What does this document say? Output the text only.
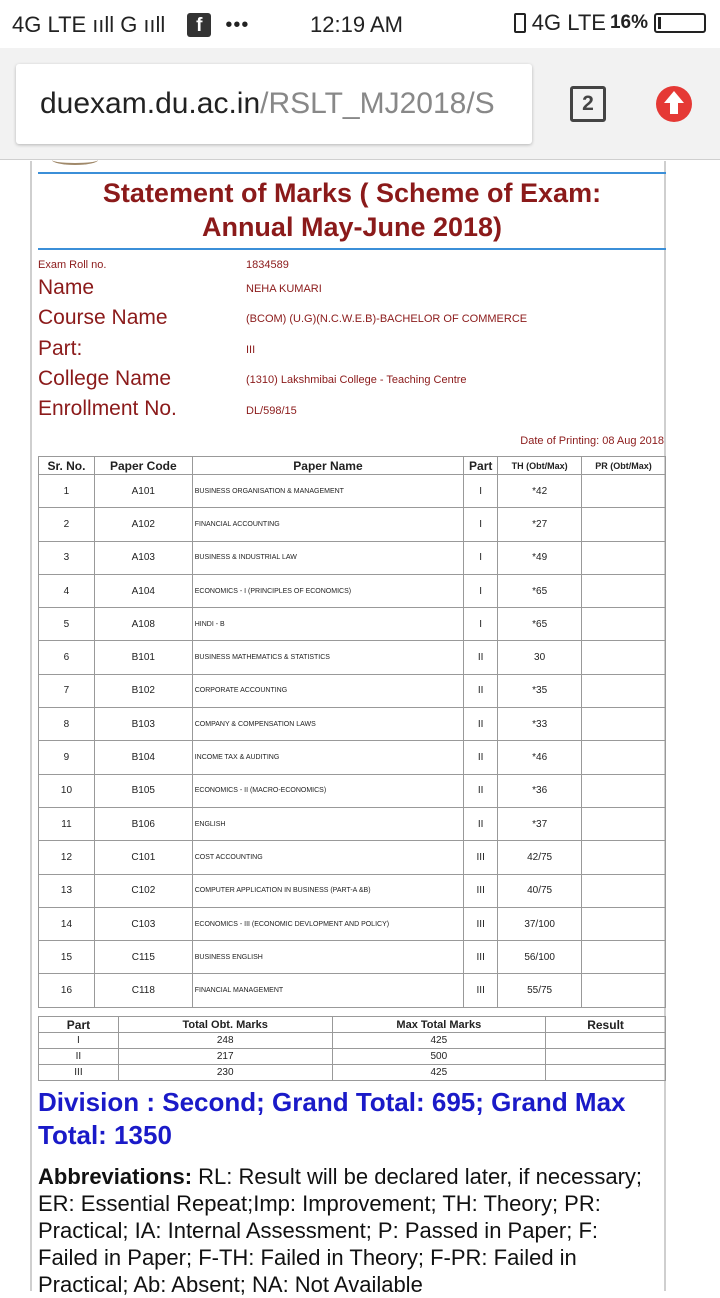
4G LTE ııll G ııll	f	•••	12:19 AM	4G LTE 16%
duexam.du.ac.in/RSLT_MJ2018/S	2
Statement of Marks ( Scheme of Exam:
Annual May-June 2018)
Exam Roll no.	1834589
Name	NEHA KUMARI
Course Name	(BCOM) (U.G)(N.C.W.E.B)-BACHELOR OF COMMERCE
Part:	III
College Name	(1310) Lakshmibai College - Teaching Centre
Enrollment No.	DL/598/15
Date of Printing: 08 Aug 2018
Sr. No.	Paper Code	Paper Name	Part	TH (Obt/Max)	PR (Obt/Max)
1	A101	BUSINESS ORGANISATION & MANAGEMENT	I	*42	
2	A102	FINANCIAL ACCOUNTING	I	*27	
3	A103	BUSINESS & INDUSTRIAL LAW	I	*49	
4	A104	ECONOMICS - I (PRINCIPLES OF ECONOMICS)	I	*65	
5	A108	HINDI - B	I	*65	
6	B101	BUSINESS MATHEMATICS & STATISTICS	II	30	
7	B102	CORPORATE ACCOUNTING	II	*35	
8	B103	COMPANY & COMPENSATION LAWS	II	*33	
9	B104	INCOME TAX & AUDITING	II	*46	
10	B105	ECONOMICS - II (MACRO-ECONOMICS)	II	*36	
11	B106	ENGLISH	II	*37	
12	C101	COST ACCOUNTING	III	42/75	
13	C102	COMPUTER APPLICATION IN BUSINESS (PART-A &B)	III	40/75	
14	C103	ECONOMICS - III (ECONOMIC DEVLOPMENT AND POLICY)	III	37/100	
15	C115	BUSINESS ENGLISH	III	56/100	
16	C118	FINANCIAL MANAGEMENT	III	55/75	
Part	Total Obt. Marks	Max Total Marks	Result
I	248	425	
II	217	500	
III	230	425	
Division : Second; Grand Total: 695; Grand Max Total: 1350
Abbreviations: RL: Result will be declared later, if necessary; ER: Essential Repeat;Imp: Improvement; TH: Theory; PR: Practical; IA: Internal Assessment; P: Passed in Paper; F: Failed in Paper; F-TH: Failed in Theory; F-PR: Failed in Practical; Ab: Absent; NA: Not Available
